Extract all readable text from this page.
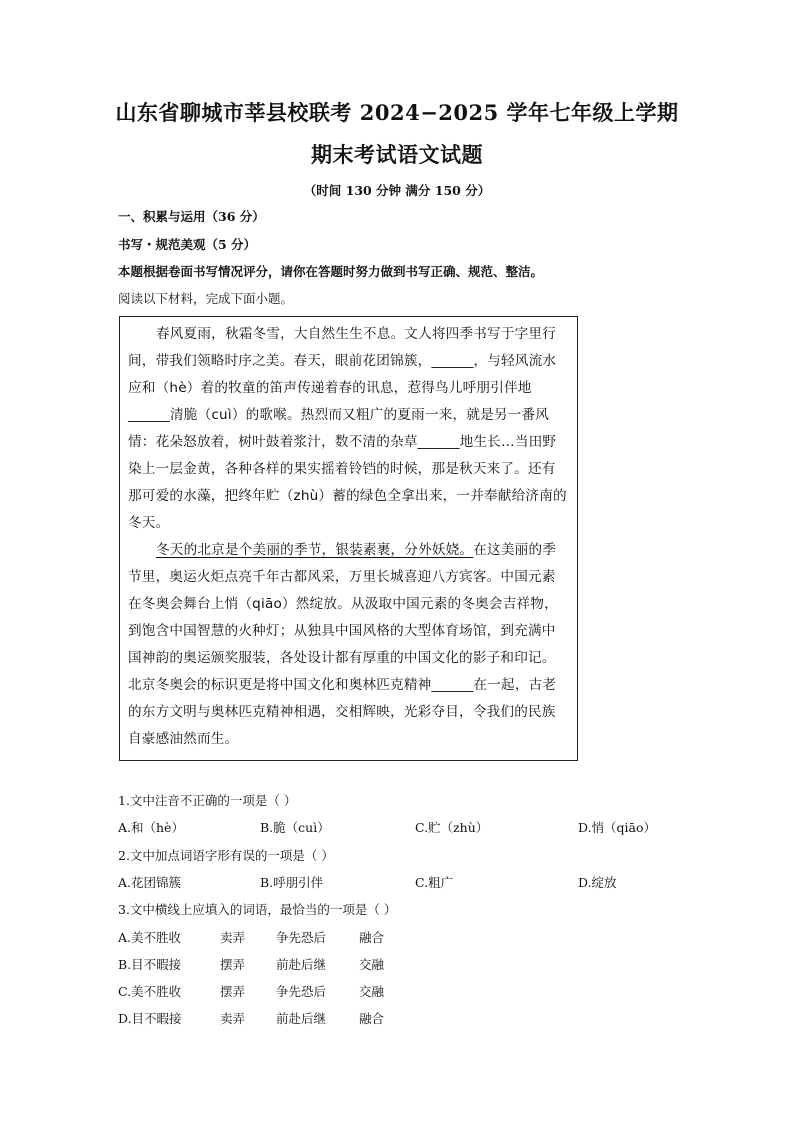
山东省聊城市莘县校联考 2024−2025 学年七年级上学期
期末考试语文试题
（时间 130 分钟 满分 150 分）
一、积累与运用（36 分）
书写・规范美观（5 分）
本题根据卷面书写情况评分，请你在答题时努力做到书写正确、规范、整洁。
阅读以下材料，完成下面小题。
春风夏雨，秋霜冬雪，大自然生生不息。文人将四季书写于字里行
间，带我们领略时序之美。春天，眼前花团锦簇，______，与轻风流水
应和（hè）着的牧童的笛声传递着春的讯息，惹得鸟儿呼朋引伴地
______清脆（cuì）的歌喉。热烈而又粗广的夏雨一来，就是另一番风
情：花朵怒放着，树叶鼓着浆汁，数不清的杂草______地生长…当田野
染上一层金黄，各种各样的果实摇着铃铛的时候，那是秋天来了。还有
那可爱的水藻，把终年贮（zhù）蓄的绿色全拿出来，一并奉献给济南的
冬天。
冬天的北京是个美丽的季节，银装素裹，分外妖娆。在这美丽的季
节里，奥运火炬点亮千年古都风采，万里长城喜迎八方宾客。中国元素
在冬奥会舞台上悄（qiāo）然绽放。从汲取中国元素的冬奥会吉祥物，
到饱含中国智慧的火种灯；从独具中国风格的大型体育场馆，到充满中
国神韵的奥运颁奖服装，各处设计都有厚重的中国文化的影子和印记。
北京冬奥会的标识更是将中国文化和奥林匹克精神______在一起，古老
的东方文明与奥林匹克精神相遇，交相辉映，光彩夺目，令我们的民族
自豪感油然而生。
1.文中注音不正确的一项是（ ）
A.和（hè）	B.脆（cuì）	C.贮（zhù）	D.悄（qiāo）
2.文中加点词语字形有误的一项是（ ）
A.花团锦簇	B.呼朋引伴	C.粗广	D.绽放
3.文中横线上应填入的词语，最恰当的一项是（ ）
A.美不胜收	卖弄 争先恐后	融合
B.目不暇接	摆弄 前赴后继	交融
C.美不胜收	摆弄 争先恐后	交融
D.目不暇接	卖弄 前赴后继	融合
